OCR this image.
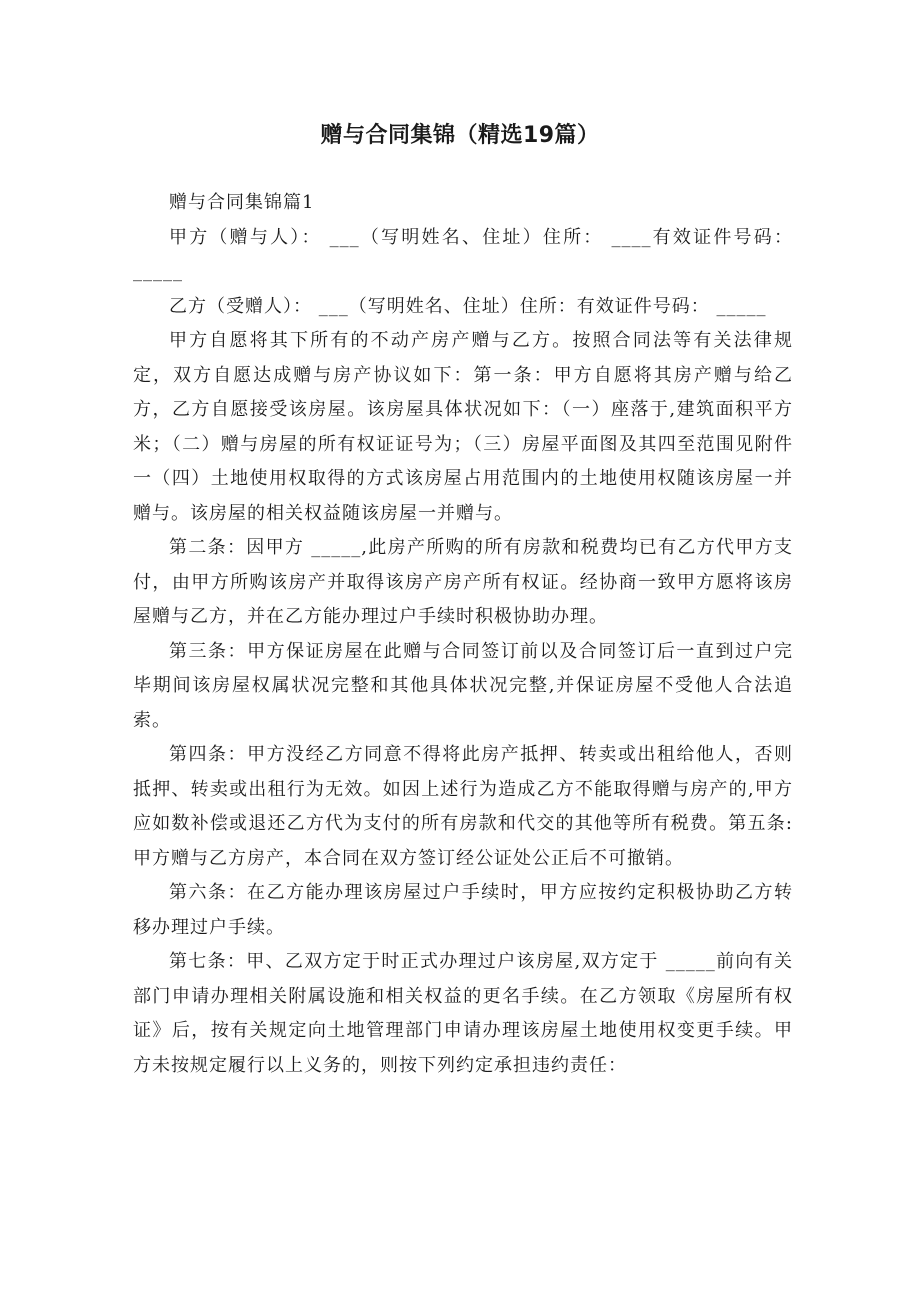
赠与合同集锦（精选19篇）

赠与合同集锦篇1

甲方（赠与人）： ___（写明姓名、住址）住所： ____有效证件号码： _____

乙方（受赠人）： ___（写明姓名、住址）住所：有效证件号码： _____

甲方自愿将其下所有的不动产房产赠与乙方。按照合同法等有关法律规定，双方自愿达成赠与房产协议如下：第一条：甲方自愿将其房产赠与给乙方，乙方自愿接受该房屋。该房屋具体状况如下：（一）座落于,建筑面积平方米；（二）赠与房屋的所有权证证号为；（三）房屋平面图及其四至范围见附件一（四）土地使用权取得的方式该房屋占用范围内的土地使用权随该房屋一并赠与。该房屋的相关权益随该房屋一并赠与。

第二条：因甲方 _____,此房产所购的所有房款和税费均已有乙方代甲方支付，由甲方所购该房产并取得该房产房产所有权证。经协商一致甲方愿将该房屋赠与乙方，并在乙方能办理过户手续时积极协助办理。

第三条：甲方保证房屋在此赠与合同签订前以及合同签订后一直到过户完毕期间该房屋权属状况完整和其他具体状况完整,并保证房屋不受他人合法追索。

第四条：甲方没经乙方同意不得将此房产抵押、转卖或出租给他人，否则抵押、转卖或出租行为无效。如因上述行为造成乙方不能取得赠与房产的,甲方应如数补偿或退还乙方代为支付的所有房款和代交的其他等所有税费。第五条:甲方赠与乙方房产，本合同在双方签订经公证处公正后不可撤销。

第六条：在乙方能办理该房屋过户手续时，甲方应按约定积极协助乙方转移办理过户手续。

第七条：甲、乙双方定于时正式办理过户该房屋,双方定于 _____前向有关部门申请办理相关附属设施和相关权益的更名手续。在乙方领取《房屋所有权证》后，按有关规定向土地管理部门申请办理该房屋土地使用权变更手续。甲方未按规定履行以上义务的，则按下列约定承担违约责任：
